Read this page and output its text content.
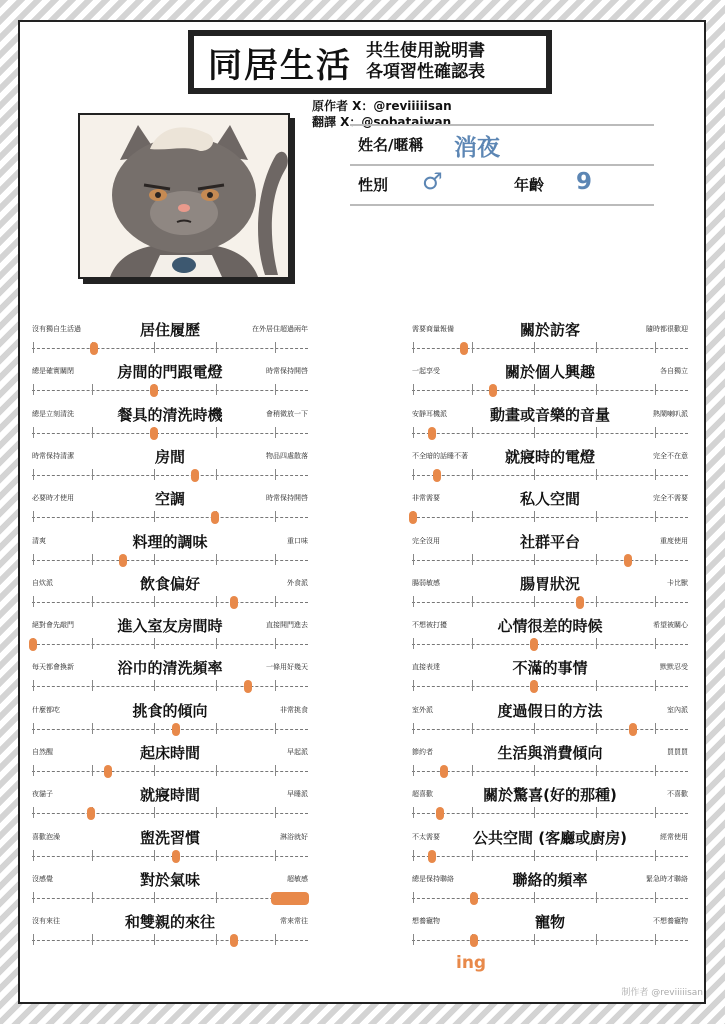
同居生活 共生使用說明書
各項習性確認表
原作者 X：@reviiiiisan
翻譯 X：@sobataiwan
姓名/暱稱 消夜
性別 ♂	年齡 9
居住履歷
沒有獨自生活過	在外居住超過兩年
房間的門跟電燈
總是確實關閉	時常保持開啓
餐具的清洗時機
總是立刻清洗	會稍微放一下
房間
時常保持清潔	物品四處散落
空調
必要時才使用	時常保持開啓
料理的調味
清爽	重口味
飲食偏好
自炊派	外食派
進入室友房間時
絕對會先敲門	直接開門進去
浴巾的清洗頻率
每天都會換新	一條用好幾天
挑食的傾向
什麼都吃	非常挑食
起床時間
自然醒	早起派
就寢時間
夜貓子	早睡派
盥洗習慣
喜歡泡澡	淋浴就好
對於氣味
沒感覺	超敏感
和雙親的來往
沒有來往	常來常往
關於訪客
需要商量報備	隨時都很歡迎
關於個人興趣
一起享受	各自獨立
動畫或音樂的音量
安靜耳機派	熱鬧喇叭派
就寢時的電燈
不全暗的話睡不著	完全不在意
私人空間
非常需要	完全不需要
社群平台
完全沒用	重度使用
腸胃狀況
腸弱敏感	卡比獸
心情很差的時候
不想被打擾	希望被關心
不滿的事情
直接表達	默默忍受
度過假日的方法
室外派	室內派
生活與消費傾向
節約者	買買買
關於驚喜(好的那種)
超喜歡	不喜歡
公共空間 (客廳或廚房)
不太需要	經常使用
聯絡的頻率
總是保持聯絡	緊急時才聯絡
寵物
想養寵物	不想養寵物
ing
制作者 @reviiiiisan
